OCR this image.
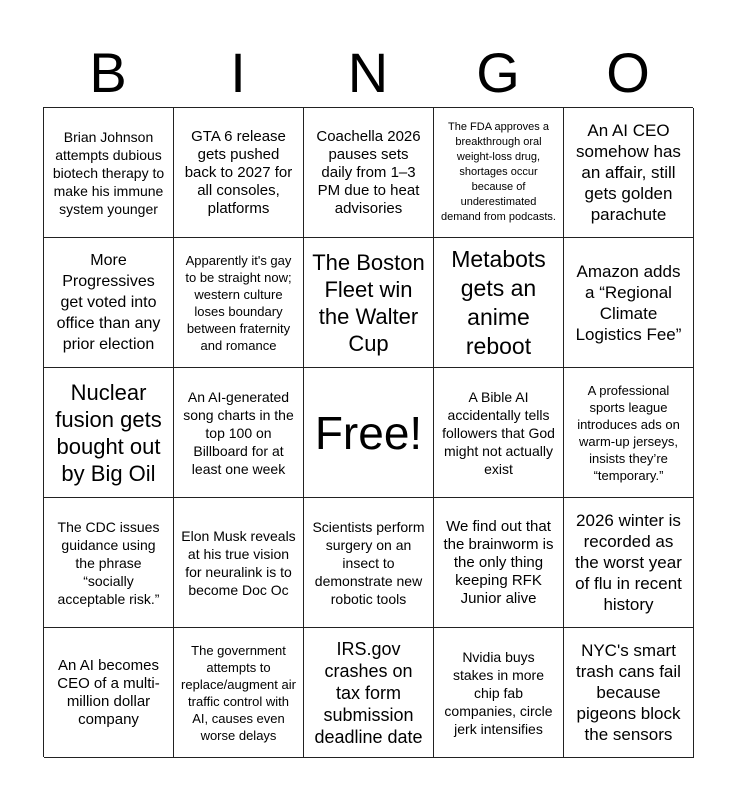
B	I	N	G	O
Brian Johnson attempts dubious biotech therapy to make his immune system younger
GTA 6 release gets pushed back to 2027 for all consoles, platforms
Coachella 2026 pauses sets daily from 1–3 PM due to heat advisories
The FDA approves a breakthrough oral weight-loss drug, shortages occur because of underestimated demand from podcasts.
An AI CEO somehow has an affair, still gets golden parachute
More Progressives get voted into office than any prior election
Apparently it's gay to be straight now; western culture loses boundary between fraternity and romance
The Boston Fleet win the Walter Cup
Metabots gets an anime reboot
Amazon adds a “Regional Climate Logistics Fee”
Nuclear fusion gets bought out by Big Oil
An AI-generated song charts in the top 100 on Billboard for at least one week
Free!
A Bible AI accidentally tells followers that God might not actually exist
A professional sports league introduces ads on warm-up jerseys, insists they’re “temporary.”
The CDC issues guidance using the phrase “socially acceptable risk.”
Elon Musk reveals at his true vision for neuralink is to become Doc Oc
Scientists perform surgery on an insect to demonstrate new robotic tools
We find out that the brainworm is the only thing keeping RFK Junior alive
2026 winter is recorded as the worst year of flu in recent history
An AI becomes CEO of a multi-million dollar company
The government attempts to replace/augment air traffic control with AI, causes even worse delays
IRS.gov crashes on tax form submission deadline date
Nvidia buys stakes in more chip fab companies, circle jerk intensifies
NYC's smart trash cans fail because pigeons block the sensors
